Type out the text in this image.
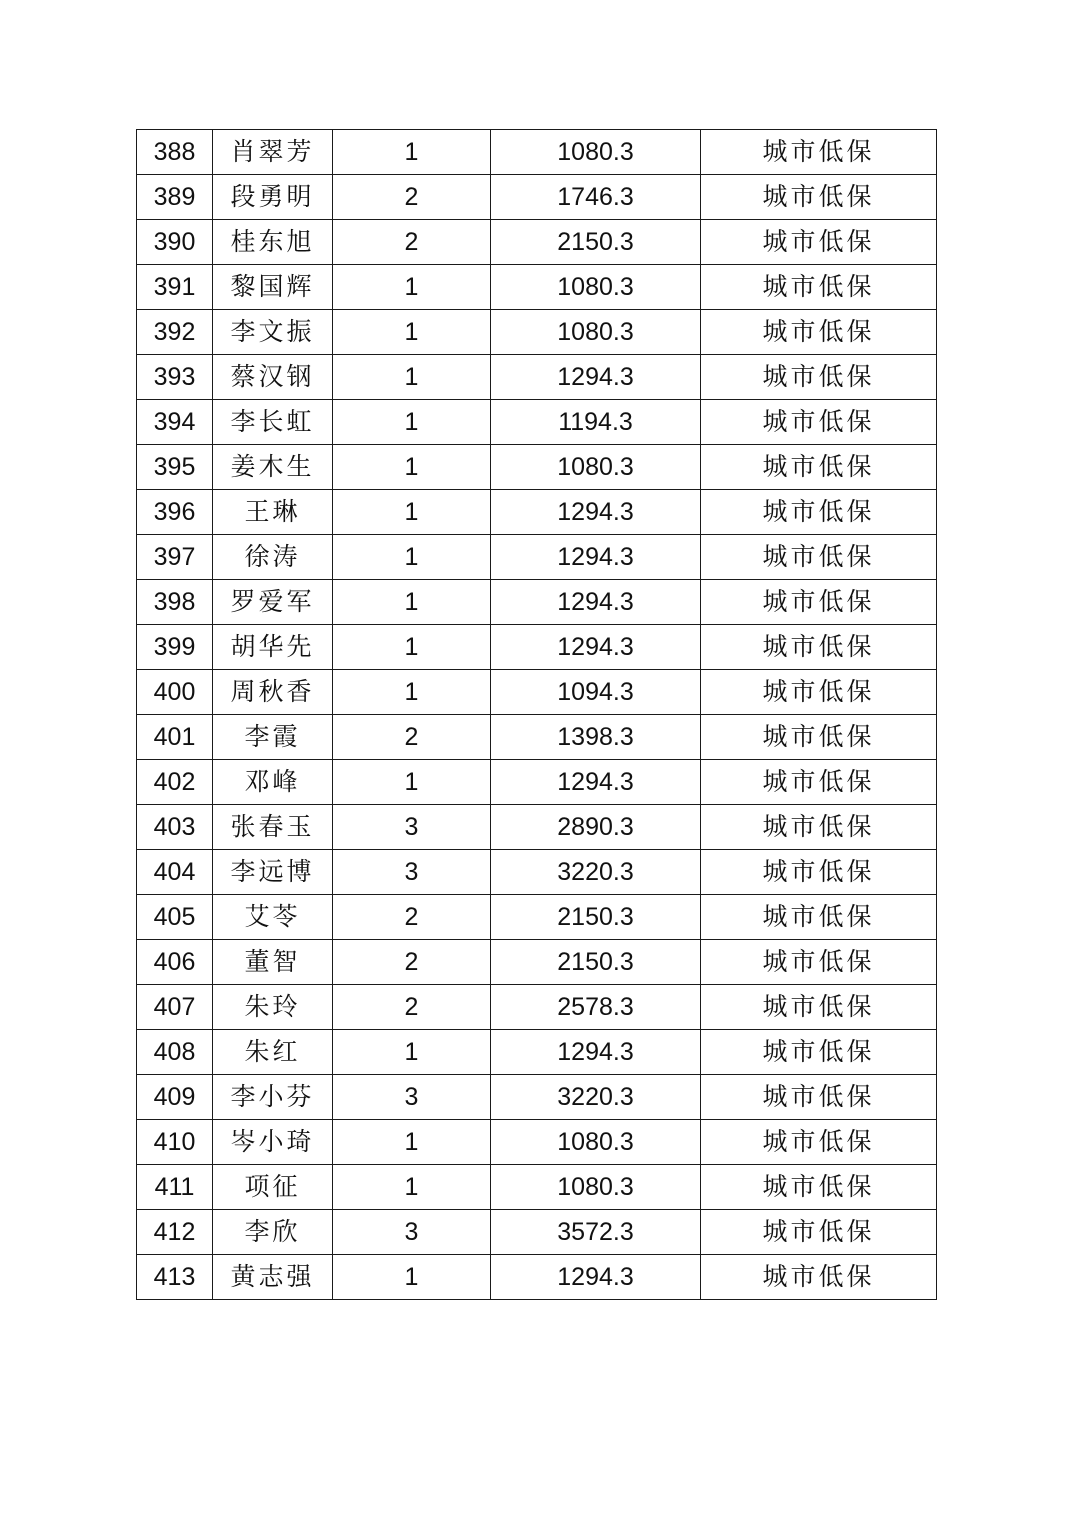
388	肖翠芳	1	1080.3	城市低保
389	段勇明	2	1746.3	城市低保
390	桂东旭	2	2150.3	城市低保
391	黎国辉	1	1080.3	城市低保
392	李文振	1	1080.3	城市低保
393	蔡汉钢	1	1294.3	城市低保
394	李长虹	1	1194.3	城市低保
395	姜木生	1	1080.3	城市低保
396	王琳	1	1294.3	城市低保
397	徐涛	1	1294.3	城市低保
398	罗爱军	1	1294.3	城市低保
399	胡华先	1	1294.3	城市低保
400	周秋香	1	1094.3	城市低保
401	李霞	2	1398.3	城市低保
402	邓峰	1	1294.3	城市低保
403	张春玉	3	2890.3	城市低保
404	李远博	3	3220.3	城市低保
405	艾苓	2	2150.3	城市低保
406	董智	2	2150.3	城市低保
407	朱玲	2	2578.3	城市低保
408	朱红	1	1294.3	城市低保
409	李小芬	3	3220.3	城市低保
410	岑小琦	1	1080.3	城市低保
411	项征	1	1080.3	城市低保
412	李欣	3	3572.3	城市低保
413	黄志强	1	1294.3	城市低保
